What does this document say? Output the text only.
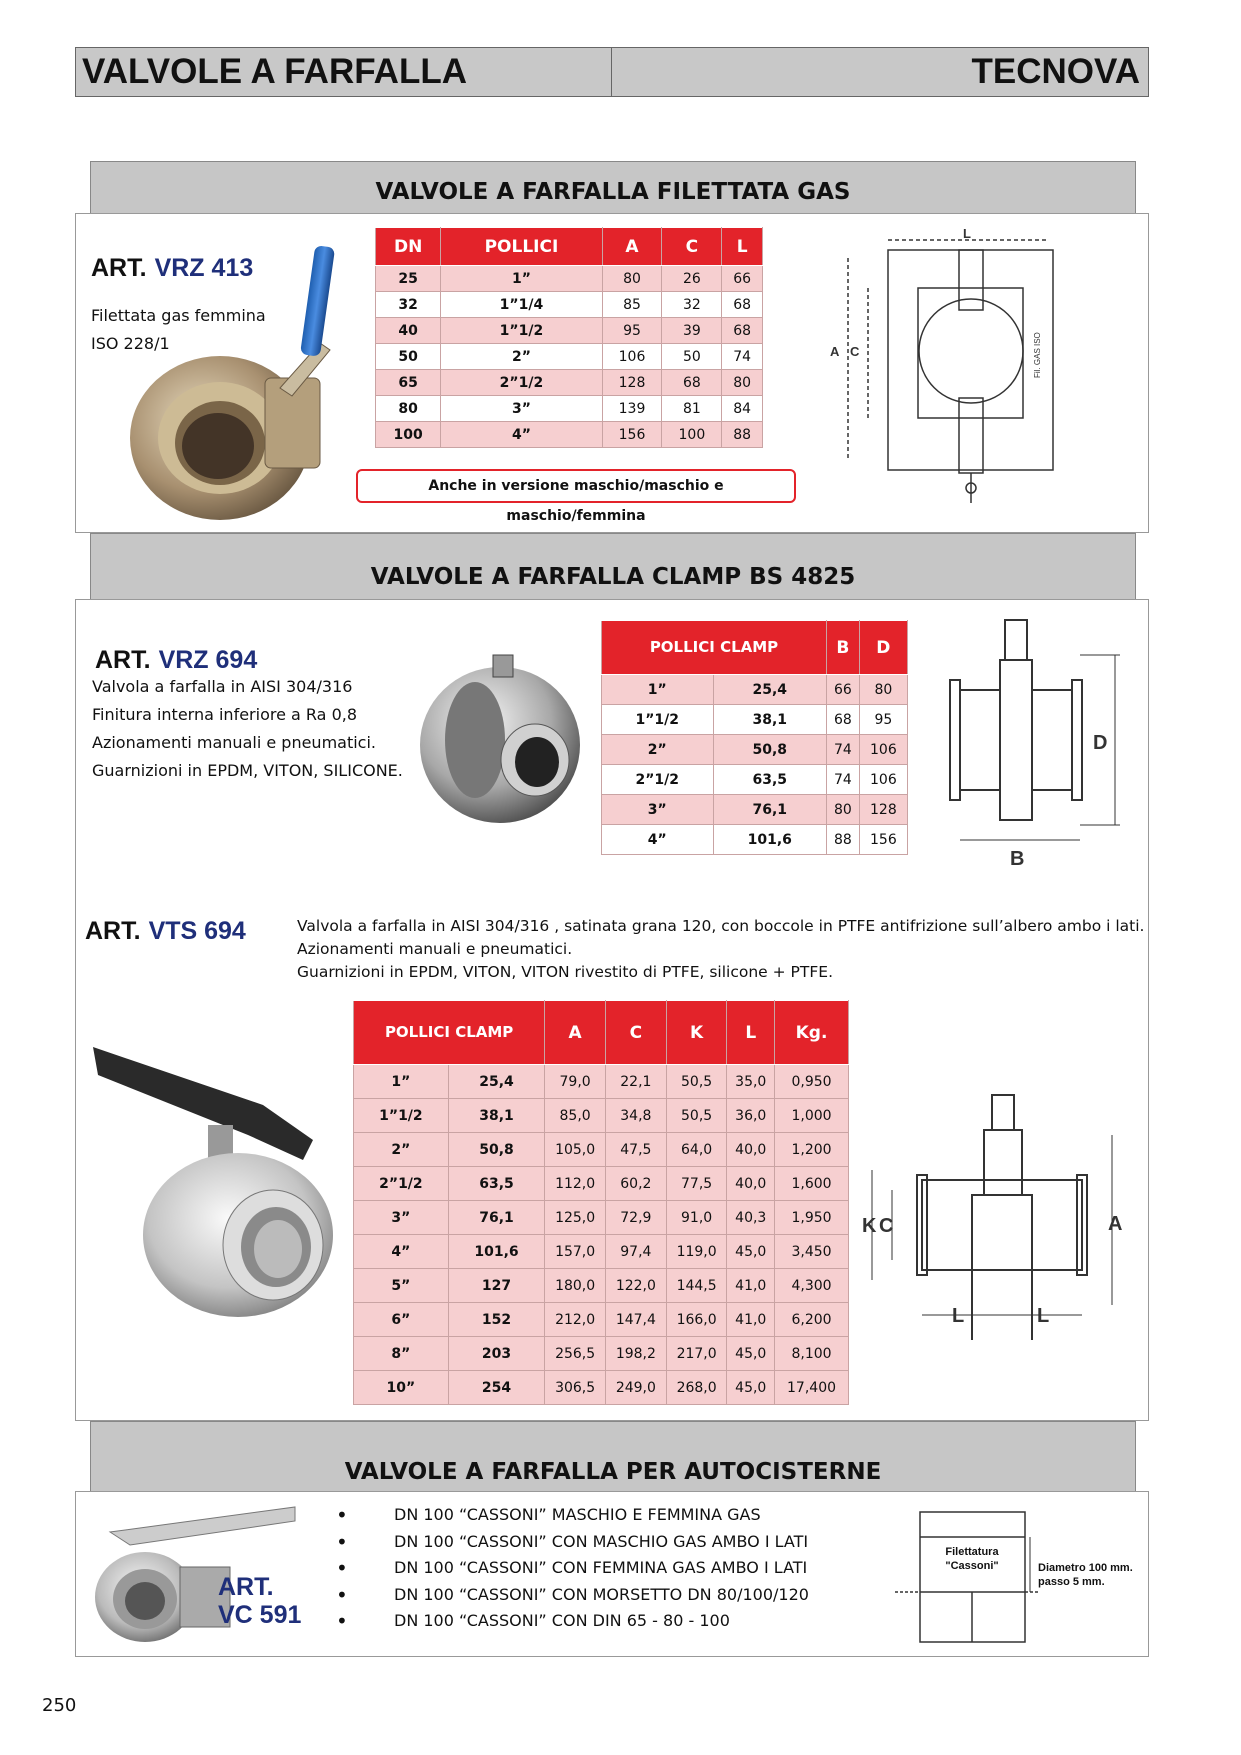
VALVOLE A FARFALLA	TECNOVA
VALVOLE A FARFALLA FILETTATA GAS
ART. VRZ 413
Filettata gas femmina
ISO 228/1
DN	POLLICI	A	C	L
25	1”	80	26	66
32	1”1/4	85	32	68
40	1”1/2	95	39	68
50	2”	106	50	74
65	2”1/2	128	68	80
80	3”	139	81	84
100	4”	156	100	88
Anche in versione maschio/maschio e maschio/femmina
L
A C	Fil. GAS ISO
VALVOLE A FARFALLA CLAMP BS 4825
ART. VRZ 694
Valvola a farfalla in AISI 304/316
Finitura interna inferiore a Ra 0,8
Azionamenti manuali e pneumatici.
Guarnizioni in EPDM, VITON, SILICONE.
POLLICI CLAMP		B	D
1”	25,4	66	80
1”1/2	38,1	68	95
2”	50,8	74	106
2”1/2	63,5	74	106
3”	76,1	80	128
4”	101,6	88	156
D
B
ART. VTS 694	Valvola a farfalla in AISI 304/316 , satinata grana 120, con boccole in PTFE antifrizione sull’albero ambo i lati.
Azionamenti manuali e pneumatici.
Guarnizioni in EPDM, VITON, VITON rivestito di PTFE, silicone + PTFE.
POLLICI CLAMP		A	C	K	L	Kg.
1”	25,4	79,0	22,1	50,5	35,0	0,950
1”1/2	38,1	85,0	34,8	50,5	36,0	1,000
2”	50,8	105,0	47,5	64,0	40,0	1,200
2”1/2	63,5	112,0	60,2	77,5	40,0	1,600
3”	76,1	125,0	72,9	91,0	40,3	1,950
4”	101,6	157,0	97,4	119,0	45,0	3,450
5”	127	180,0	122,0	144,5	41,0	4,300
6”	152	212,0	147,4	166,0	41,0	6,200
8”	203	256,5	198,2	217,0	45,0	8,100
10”	254	306,5	249,0	268,0	45,0	17,400
K C	A
L	L
VALVOLE A FARFALLA PER AUTOCISTERNE
ART.
VC 591
• DN 100 “CASSONI” MASCHIO E FEMMINA GAS
• DN 100 “CASSONI” CON MASCHIO GAS AMBO I LATI
• DN 100 “CASSONI” CON FEMMINA GAS AMBO I LATI
• DN 100 “CASSONI” CON MORSETTO DN 80/100/120
• DN 100 “CASSONI” CON DIN 65 - 80 - 100
Filettatura
"Cassoni"	Diametro 100 mm.
passo 5 mm.
250
